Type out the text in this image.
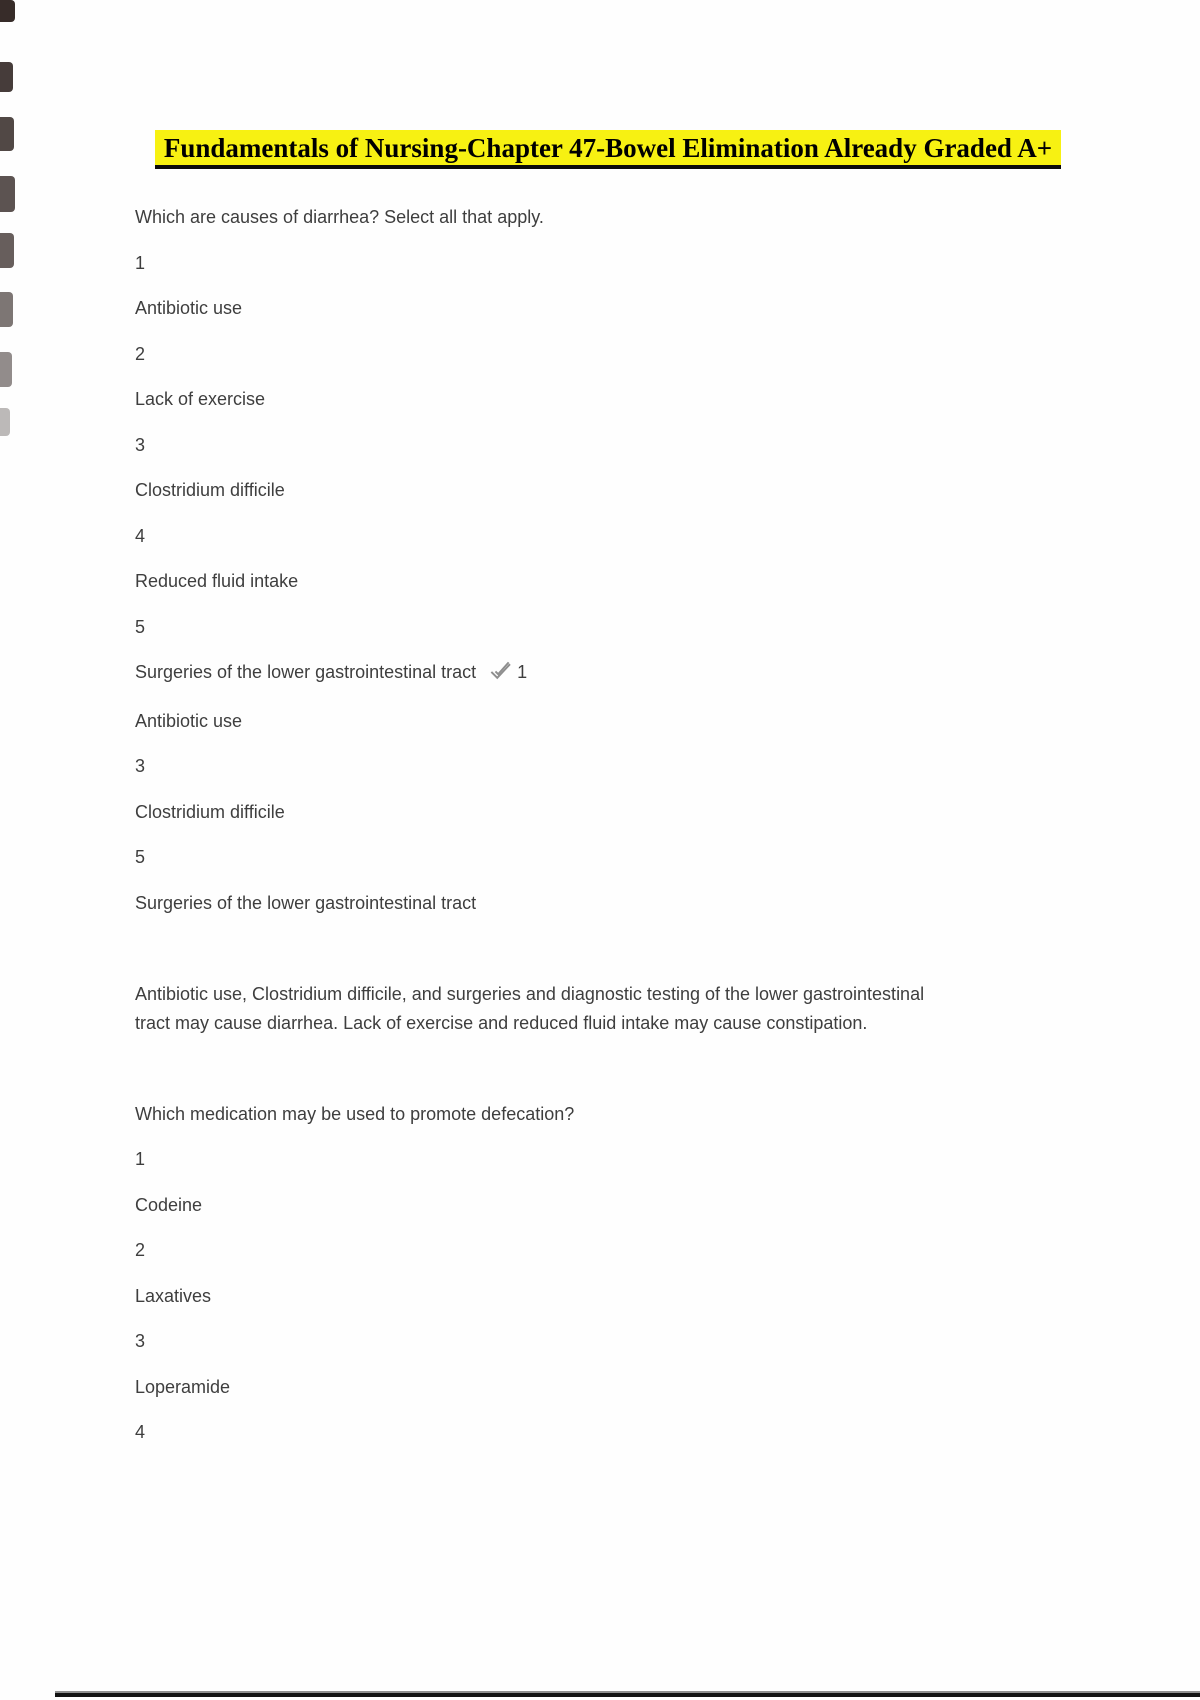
Fundamentals of Nursing-Chapter 47-Bowel Elimination Already Graded A+

Which are causes of diarrhea? Select all that apply.

1

Antibiotic use

2

Lack of exercise

3

Clostridium difficile

4

Reduced fluid intake

5

Surgeries of the lower gastrointestinal tract 1

Antibiotic use

3

Clostridium difficile

5

Surgeries of the lower gastrointestinal tract

Antibiotic use, Clostridium difficile, and surgeries and diagnostic testing of the lower gastrointestinal

tract may cause diarrhea. Lack of exercise and reduced fluid intake may cause constipation.

Which medication may be used to promote defecation?

1

Codeine

2

Laxatives

3

Loperamide

4
